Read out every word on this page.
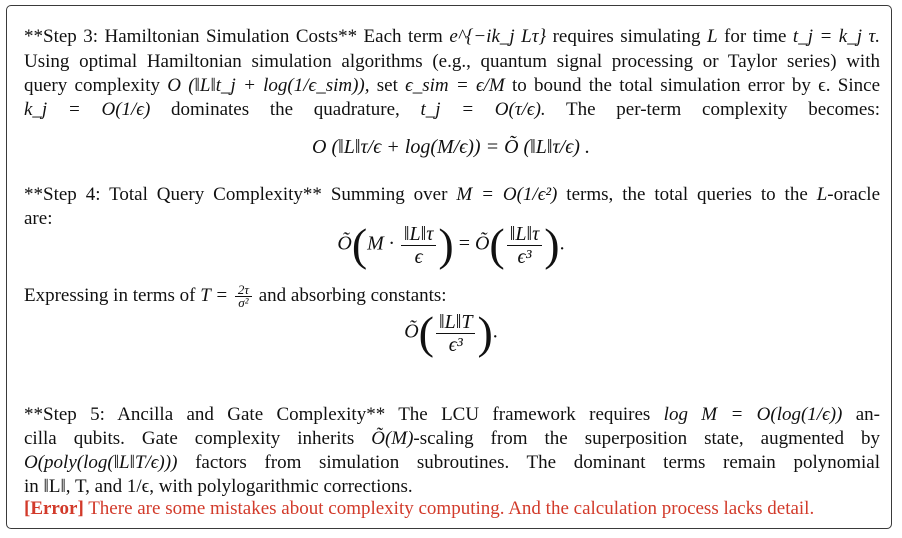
**Step 3: Hamiltonian Simulation Costs** Each term e^{−ik_j Lτ} requires simulating L for time t_j = k_j τ.
Using optimal Hamiltonian simulation algorithms (e.g., quantum signal processing or Taylor series) with
query complexity O (‖L‖t_j + log(1/ϵ_sim)), set ϵ_sim = ϵ/M to bound the total simulation error by ϵ. Since
k_j = O(1/ϵ) dominates the quadrature, t_j = O(τ/ϵ). The per-term complexity becomes:
O (‖L‖τ/ϵ + log(M/ϵ)) = Õ (‖L‖τ/ϵ) .
**Step 4: Total Query Complexity** Summing over M = O(1/ϵ²) terms, the total queries to the L-oracle
are:
Õ(M · $\frac{‖L‖\tau}{\epsilon}$ ) = Õ( $\frac{‖L‖\tau}{\text{ϵ³}}$ ).
Expressing in terms of $T = \frac{2\tau}{\text{σ²}}$ and absorbing constants:
Õ( $\frac{‖L‖T}{\text{ϵ³}}$ ).
**Step 5: Ancilla and Gate Complexity** The LCU framework requires log M = O(log(1/ϵ)) an-
cilla qubits. Gate complexity inherits Õ(M)-scaling from the superposition state, augmented by
O(poly(log(‖L‖T/ϵ))) factors from simulation subroutines. The dominant terms remain polynomial
in ‖L‖, T, and 1/ϵ, with polylogarithmic corrections.
[Error] There are some mistakes about complexity computing. And the calculation process lacks detail.
